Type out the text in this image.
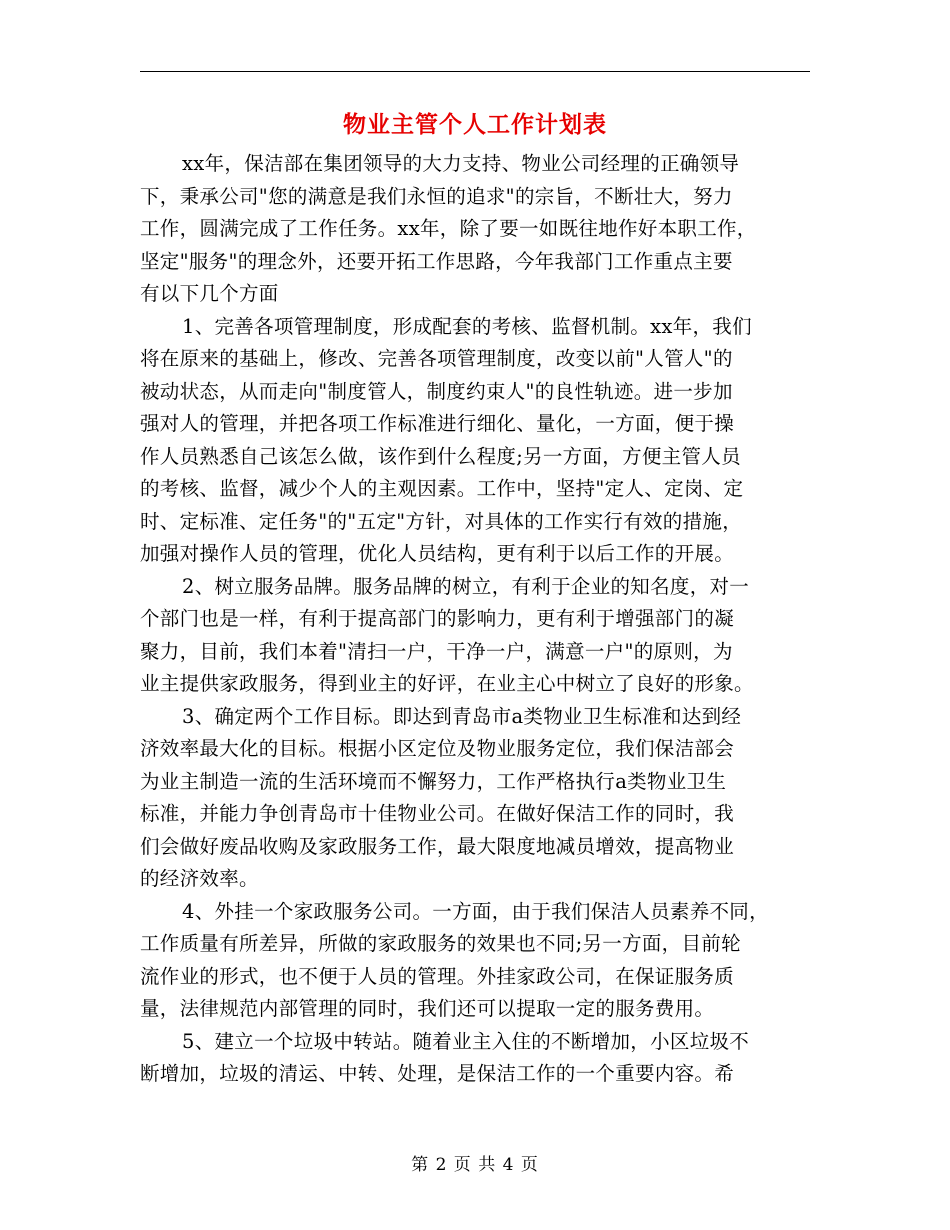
物业主管个人工作计划表
xx年，保洁部在集团领导的大力支持、物业公司经理的正确领导
下，秉承公司"您的满意是我们永恒的追求"的宗旨，不断壮大，努力
工作，圆满完成了工作任务。xx年，除了要一如既往地作好本职工作，
坚定"服务"的理念外，还要开拓工作思路，今年我部门工作重点主要
有以下几个方面
1、完善各项管理制度，形成配套的考核、监督机制。xx年，我们
将在原来的基础上，修改、完善各项管理制度，改变以前"人管人"的
被动状态，从而走向"制度管人，制度约束人"的良性轨迹。进一步加
强对人的管理，并把各项工作标准进行细化、量化，一方面，便于操
作人员熟悉自己该怎么做，该作到什么程度;另一方面，方便主管人员
的考核、监督，减少个人的主观因素。工作中，坚持"定人、定岗、定
时、定标准、定任务"的"五定"方针，对具体的工作实行有效的措施，
加强对操作人员的管理，优化人员结构，更有利于以后工作的开展。
2、树立服务品牌。服务品牌的树立，有利于企业的知名度，对一
个部门也是一样，有利于提高部门的影响力，更有利于增强部门的凝
聚力，目前，我们本着"清扫一户，干净一户，满意一户"的原则，为
业主提供家政服务，得到业主的好评，在业主心中树立了良好的形象。
3、确定两个工作目标。即达到青岛市a类物业卫生标准和达到经
济效率最大化的目标。根据小区定位及物业服务定位，我们保洁部会
为业主制造一流的生活环境而不懈努力，工作严格执行a类物业卫生
标准，并能力争创青岛市十佳物业公司。在做好保洁工作的同时，我
们会做好废品收购及家政服务工作，最大限度地减员增效，提高物业
的经济效率。
4、外挂一个家政服务公司。一方面，由于我们保洁人员素养不同，
工作质量有所差异，所做的家政服务的效果也不同;另一方面，目前轮
流作业的形式，也不便于人员的管理。外挂家政公司，在保证服务质
量，法律规范内部管理的同时，我们还可以提取一定的服务费用。
5、建立一个垃圾中转站。随着业主入住的不断增加，小区垃圾不
断增加，垃圾的清运、中转、处理，是保洁工作的一个重要内容。希
第 2 页 共 4 页
